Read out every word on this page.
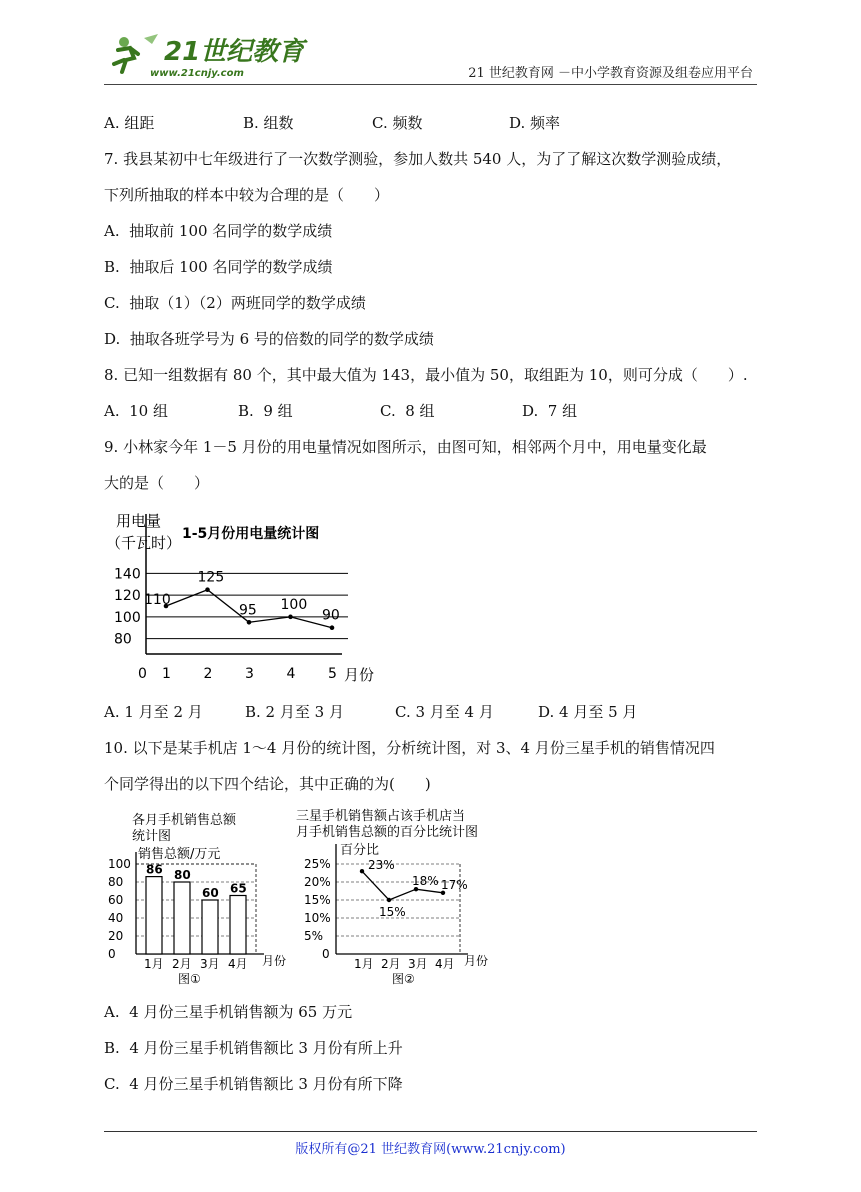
21世纪教育
www.21cnjy.com	21 世纪教育网 －中小学教育资源及组卷应用平台
A. 组距	B. 组数	C. 频数	D. 频率
7. 我县某初中七年级进行了一次数学测验，参加人数共 540 人，为了了解这次数学测验成绩，
下列所抽取的样本中较为合理的是（　　）
A.  抽取前 100 名同学的数学成绩
B.  抽取后 100 名同学的数学成绩
C.  抽取（1）（2）两班同学的数学成绩
D.  抽取各班学号为 6 号的倍数的同学的数学成绩
8. 已知一组数据有 80 个，其中最大值为 143，最小值为 50，取组距为 10，则可分成（　　）.
A.  10 组	B.  9 组	C.  8 组	D.  7 组
9. 小林家今年 1－5 月份的用电量情况如图所示，由图可知，相邻两个月中，用电量变化最
大的是（　　）
用电量
（千瓦时） 1-5月份用电量统计图
0
80
100
120
140
1 2 3 4 5
110
125
95 100
90
月份
A. 1 月至 2 月	B. 2 月至 3 月	C. 3 月至 4 月	D. 4 月至 5 月
10. 以下是某手机店 1～4 月份的统计图，分析统计图，对 3、4 月份三星手机的销售情况四
个同学得出的以下四个结论，其中正确的为(　　)
各月手机销售总额
统计图
销售总额/万元
0
20
40
60
80
100
1月 2月 3月 4月
86 80
60 65
月份
图①
三星手机销售额占该手机店当
月手机销售总额的百分比统计图
百分比
0
5%
10%
15%
20%
25%
1月 2月 3月 4月
23%
15%
18% 17%
月份
图②
A.  4 月份三星手机销售额为 65 万元
B.  4 月份三星手机销售额比 3 月份有所上升
C.  4 月份三星手机销售额比 3 月份有所下降
版权所有@21 世纪教育网(www.21cnjy.com)
